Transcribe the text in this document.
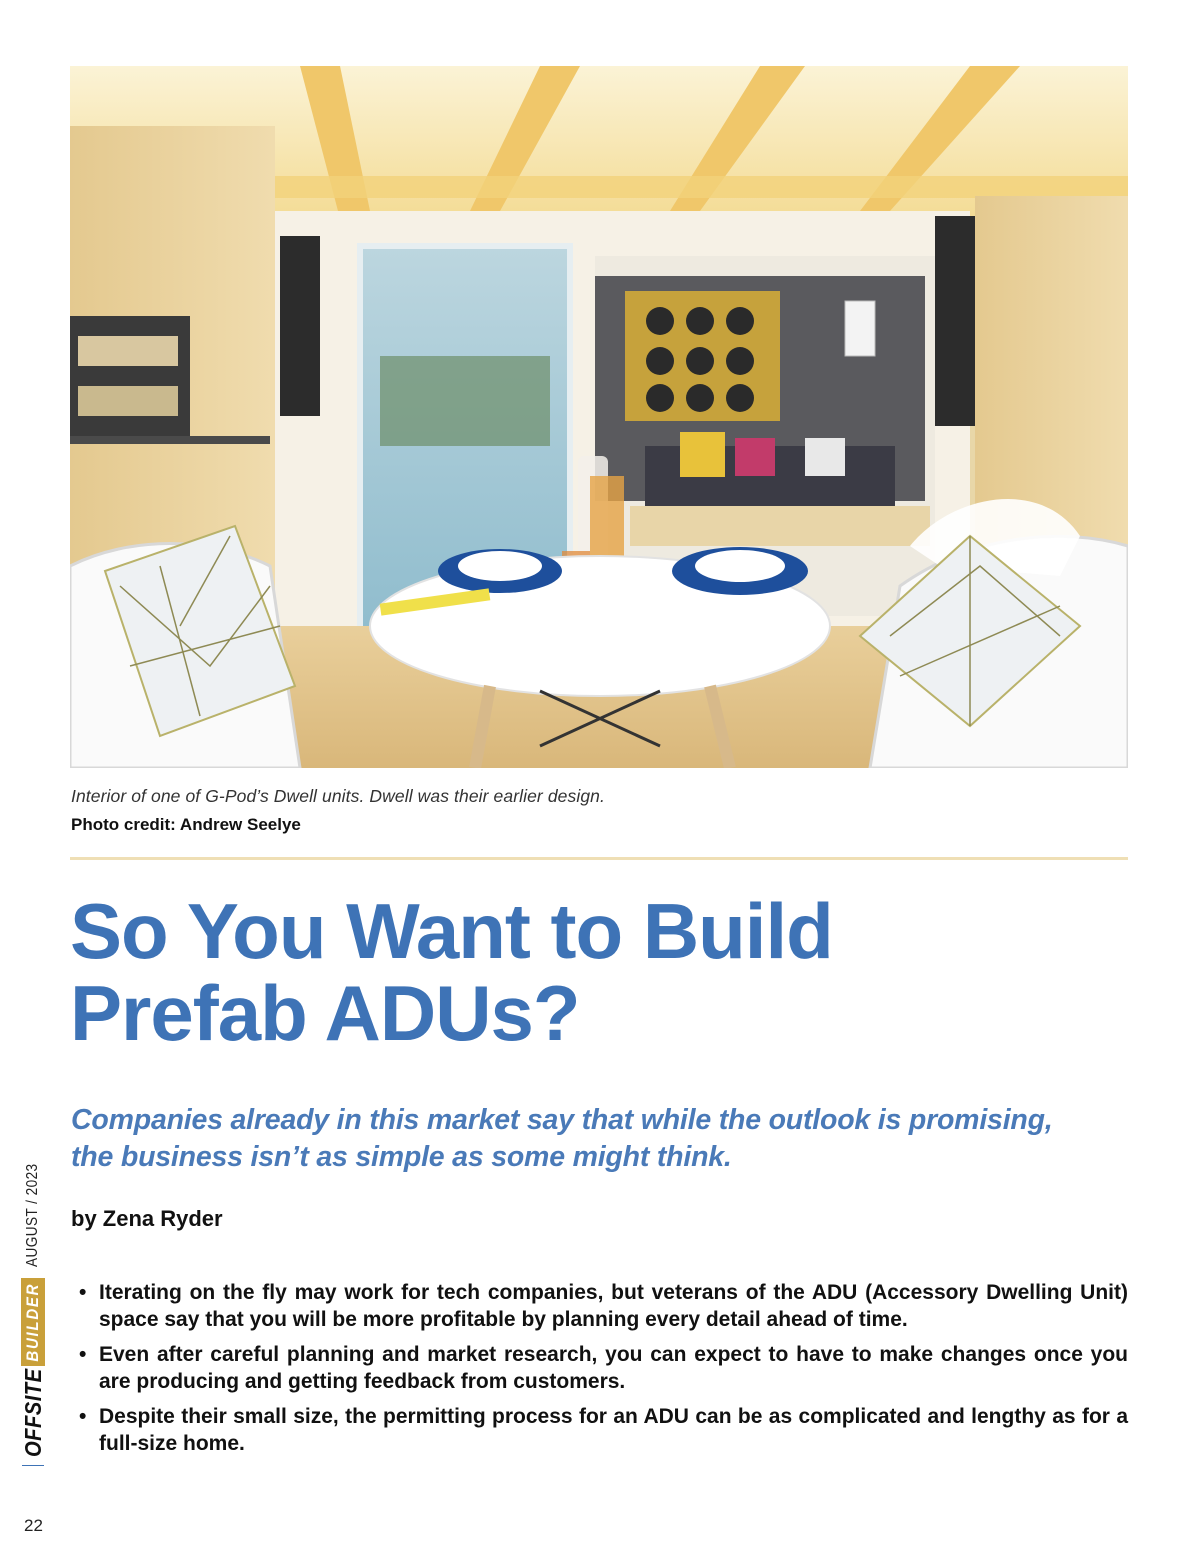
Interior of one of G-Pod’s Dwell units. Dwell was their earlier design.
Photo credit: Andrew Seelye
So You Want to Build
Prefab ADUs?

Companies already in this market say that while the outlook is promising,
the business isn’t as simple as some might think.

by Zena Ryder
• Iterating on the fly may work for tech companies, but veterans of the ADU (Accessory Dwelling Unit) space say that you will be more profitable by planning every detail ahead of time.
• Even after careful planning and market research, you can expect to have to make changes once you are producing and getting feedback from customers.
• Despite their small size, the permitting process for an ADU can be as complicated and lengthy as for a full-size home.
OFFSITE
BUILDER
AUGUST / 2023
22
